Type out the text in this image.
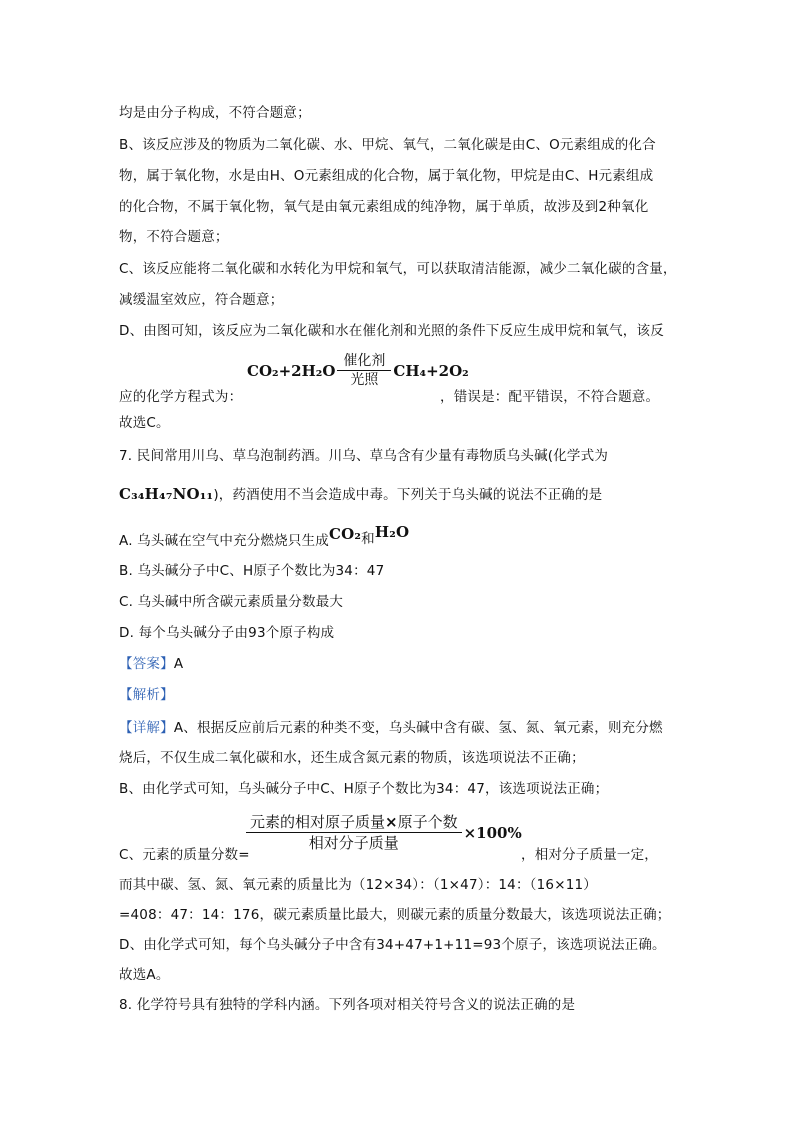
均是由分子构成，不符合题意；
B、该反应涉及的物质为二氧化碳、水、甲烷、氧气，二氧化碳是由C、O元素组成的化合
物，属于氧化物，水是由H、O元素组成的化合物，属于氧化物，甲烷是由C、H元素组成
的化合物，不属于氧化物，氧气是由氧元素组成的纯净物，属于单质，故涉及到2种氧化
物，不符合题意；
C、该反应能将二氧化碳和水转化为甲烷和氧气，可以获取清洁能源，减少二氧化碳的含量，
减缓温室效应，符合题意；
D、由图可知，该反应为二氧化碳和水在催化剂和光照的条件下反应生成甲烷和氧气，该反
应的化学方程式为：
CO₂+2H₂O
催化剂
光照
CH₄+2O₂
，错误是：配平错误，不符合题意。
故选C。
7. 民间常用川乌、草乌泡制药酒。川乌、草乌含有少量有毒物质乌头碱(化学式为
C₃₄H₄₇NO₁₁)，药酒使用不当会造成中毒。下列关于乌头碱的说法不正确的是
A. 乌头碱在空气中充分燃烧只生成CO₂和H₂O
B. 乌头碱分子中C、H原子个数比为34：47
C. 乌头碱中所含碳元素质量分数最大
D. 每个乌头碱分子由93个原子构成
【答案】A
【解析】
【详解】A、根据反应前后元素的种类不变，乌头碱中含有碳、氢、氮、氧元素，则充分燃
烧后，不仅生成二氧化碳和水，还生成含氮元素的物质，该选项说法不正确；
B、由化学式可知，乌头碱分子中C、H原子个数比为34：47，该选项说法正确；
C、元素的质量分数=
$\frac{\text{元素的相对原子质量×原子个数}}{\text{相对分子质量}} \times 100\%$
，相对分子质量一定，
而其中碳、氢、氮、氧元素的质量比为（12×34）：（1×47）：14：（16×11）
=408：47：14：176，碳元素质量比最大，则碳元素的质量分数最大，该选项说法正确；
D、由化学式可知，每个乌头碱分子中含有34+47+1+11=93个原子，该选项说法正确。
故选A。
8. 化学符号具有独特的学科内涵。下列各项对相关符号含义的说法正确的是
